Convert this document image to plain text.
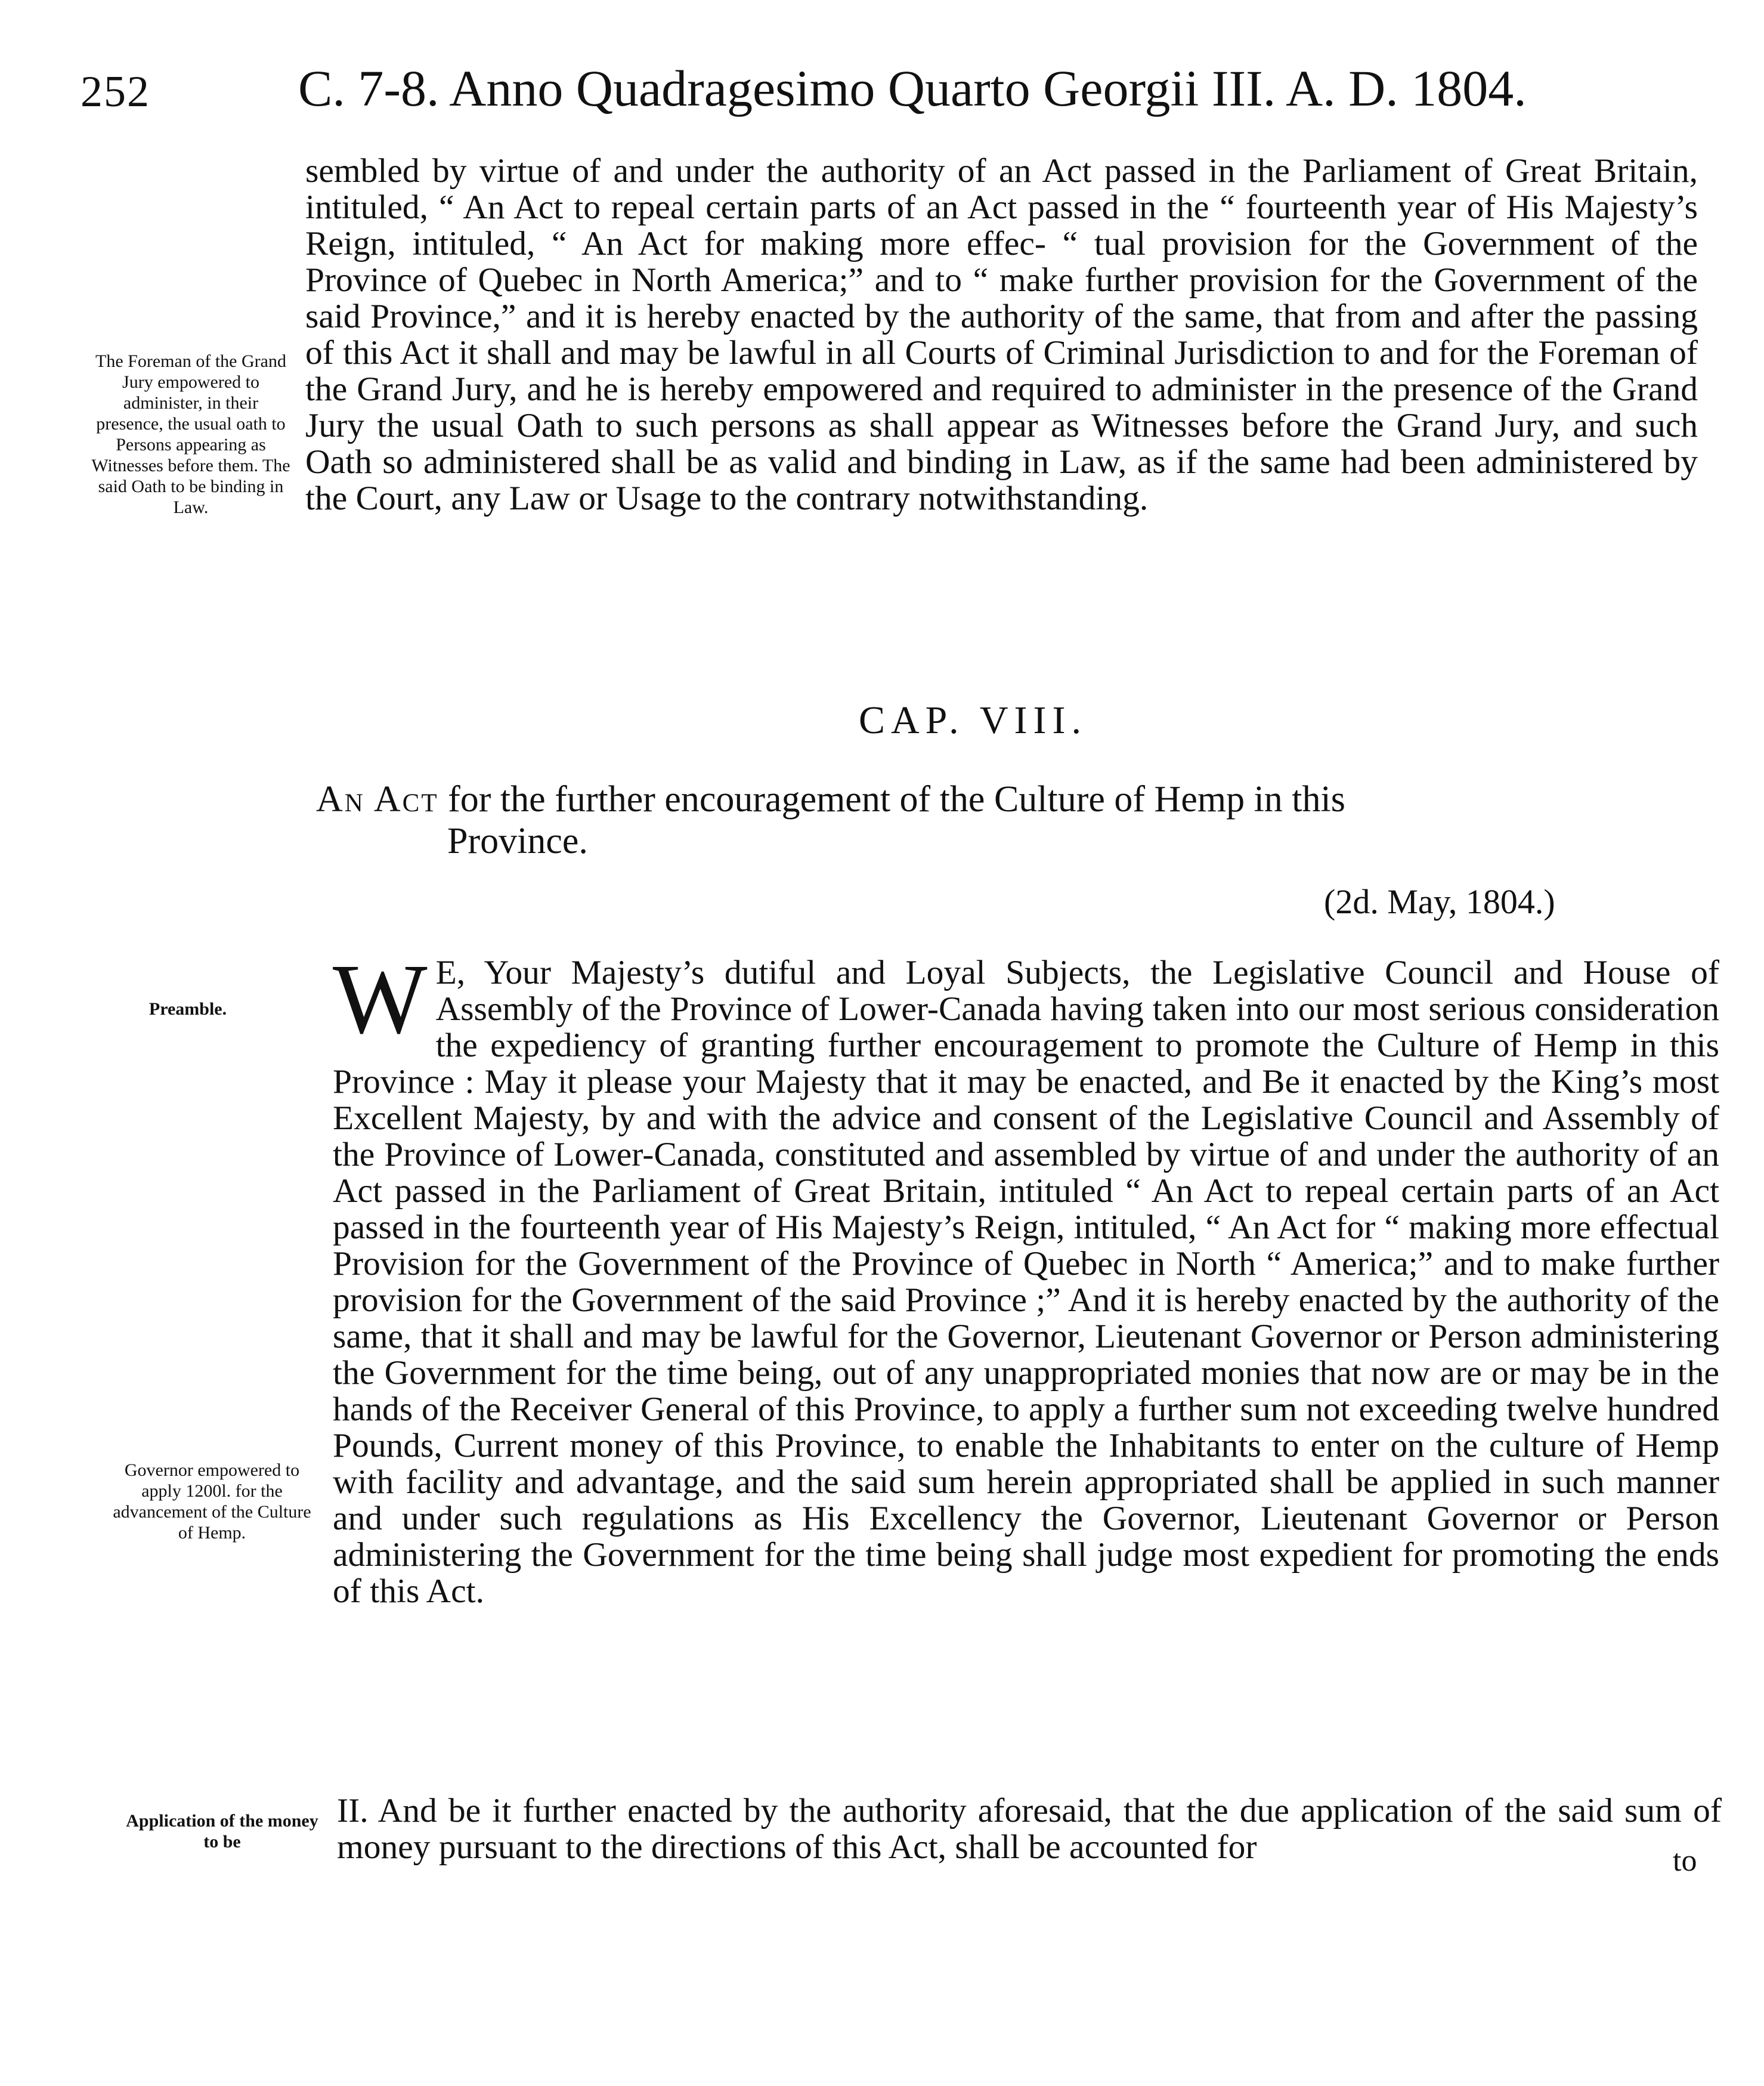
252	C. 7-8. Anno Quadragesimo Quarto Georgii III. A. D. 1804.

sembled by virtue of and under the authority of an Act passed in the Parliament of Great Britain, intituled, “ An Act to repeal certain parts of an Act passed in the “ fourteenth year of His Majesty’s Reign, intituled, “ An Act for making more effec- “ tual provision for the Government of the Province of Quebec in North America;” and to “ make further provision for the Government of the said Province,” and it is hereby enacted by the authority of the same, that from and after the passing of this Act it shall and may be lawful in all Courts of Criminal Jurisdiction to and for the Foreman of the Grand Jury, and he is hereby empowered and required to administer in the presence of the Grand Jury the usual Oath to such persons as shall appear as Witnesses before the Grand Jury, and such Oath so administered shall be as valid and binding in Law, as if the same had been administered by the Court, any Law or Usage to the contrary notwithstanding.

The Foreman of the Grand Jury empowered to administer, in their presence, the usual oath to Persons appearing as Witnesses before them. The said Oath to be binding in Law.
CAP. VIII.
An Act for the further encouragement of the Culture of Hemp in this
Province.
(2d. May, 1804.)
Preamble.	W E, Your Majesty’s dutiful and Loyal Subjects, the Legislative Council and House of Assembly of the Province of Lower-Canada having taken into our most serious consideration the expediency of granting further encouragement to promote the Culture of Hemp in this Province : May it please your Majesty that it may be enacted, and Be it enacted by the King’s most Excellent Majesty, by and with the advice and consent of the Legislative Council and Assembly of the Province of Lower-Canada, constituted and assembled by virtue of and under the authority of an Act passed in the Parliament of Great Britain, intituled “ An Act to repeal certain parts of an Act passed in the fourteenth year of His Majesty’s Reign, intituled, “ An Act for “ making more effectual Provision for the Government of the Province of Quebec in North “ America;” and to make further provision for the Government of the said Province ;” And it is hereby enacted by the authority of the same, that it shall and may be lawful for the Governor, Lieutenant Governor or Person administering the Government for the time being, out of any unappropriated monies that now are or may be in the hands of the Receiver General of this Province, to apply a further sum not exceeding twelve hundred Pounds, Current money of this Province, to enable the Inhabitants to enter on the culture of Hemp with facility and advantage, and the said sum herein appropriated shall be applied in such manner and under such regulations as His Excellency the Governor, Lieutenant Governor or Person administering the Government for the time being shall judge most expedient for promoting the ends of this Act.
Governor empowered to apply 1200l. for the advancement of the Culture of Hemp.
Application of the money to be

II. And be it further enacted by the authority aforesaid, that the due application of the said sum of money pursuant to the directions of this Act, shall be accounted for	to
